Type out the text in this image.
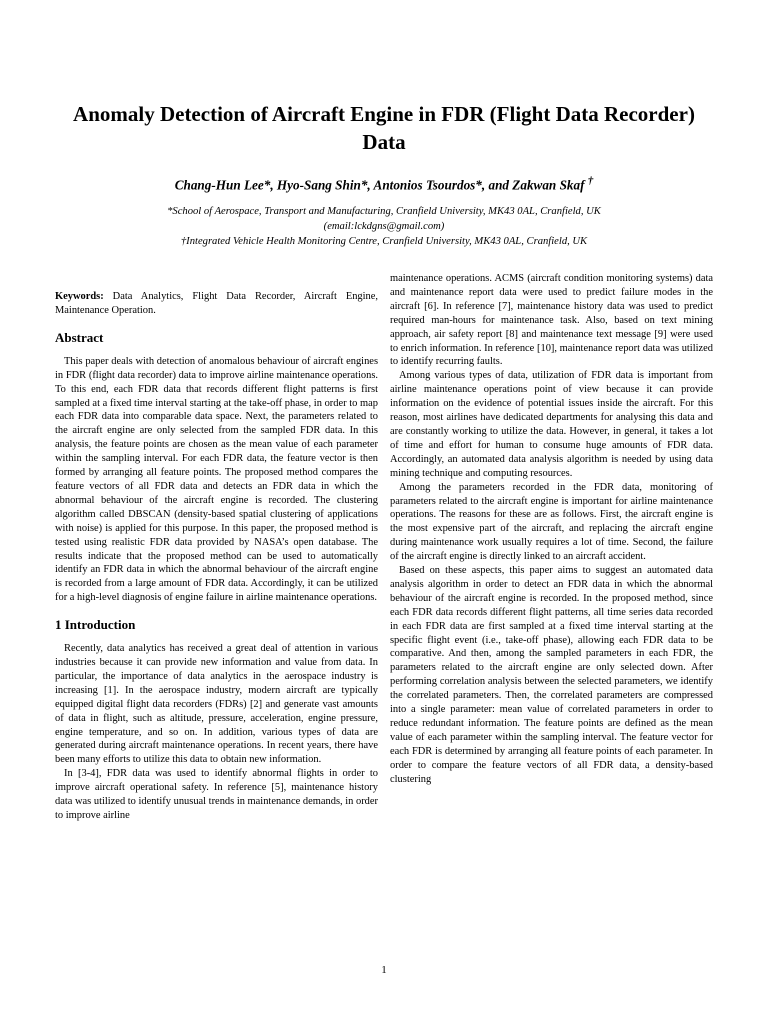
Anomaly Detection of Aircraft Engine in FDR (Flight Data Recorder) Data
Chang-Hun Lee*, Hyo-Sang Shin*, Antonios Tsourdos*, and Zakwan Skaf †
*School of Aerospace, Transport and Manufacturing, Cranfield University, MK43 0AL, Cranfield, UK
(email:lckdgns@gmail.com)
†Integrated Vehicle Health Monitoring Centre, Cranfield University, MK43 0AL, Cranfield, UK

Keywords: Data Analytics, Flight Data Recorder, Aircraft Engine, Maintenance Operation.

Abstract

This paper deals with detection of anomalous behaviour of aircraft engines in FDR (flight data recorder) data to improve airline maintenance operations. To this end, each FDR data that records different flight patterns is first sampled at a fixed time interval starting at the take-off phase, in order to map each FDR data into comparable data space. Next, the parameters related to the aircraft engine are only selected from the sampled FDR data. In this analysis, the feature points are chosen as the mean value of each parameter within the sampling interval. For each FDR data, the feature vector is then formed by arranging all feature points. The proposed method compares the feature vectors of all FDR data and detects an FDR data in which the abnormal behaviour of the aircraft engine is recorded. The clustering algorithm called DBSCAN (density-based spatial clustering of applications with noise) is applied for this purpose. In this paper, the proposed method is tested using realistic FDR data provided by NASA’s open database. The results indicate that the proposed method can be used to automatically identify an FDR data in which the abnormal behaviour of the aircraft engine is recorded from a large amount of FDR data. Accordingly, it can be utilized for a high-level diagnosis of engine failure in airline maintenance operations.

1 Introduction

Recently, data analytics has received a great deal of attention in various industries because it can provide new information and value from data. In particular, the importance of data analytics in the aerospace industry is increasing [1]. In the aerospace industry, modern aircraft are typically equipped digital flight data recorders (FDRs) [2] and generate vast amounts of data in flight, such as altitude, pressure, acceleration, engine pressure, engine temperature, and so on. In addition, various types of data are generated during aircraft maintenance operations. In recent years, there have been many efforts to utilize this data to obtain new information.

In [3-4], FDR data was used to identify abnormal flights in order to improve aircraft operational safety. In reference [5], maintenance history data was utilized to identify unusual trends in maintenance demands, in order to improve airline

maintenance operations. ACMS (aircraft condition monitoring systems) data and maintenance report data were used to predict failure modes in the aircraft [6]. In reference [7], maintenance history data was used to predict required man-hours for maintenance task. Also, based on text mining approach, air safety report [8] and maintenance text message [9] were used to enrich information. In reference [10], maintenance report data was utilized to identify recurring faults.

Among various types of data, utilization of FDR data is important from airline maintenance operations point of view because it can provide information on the evidence of potential issues inside the aircraft. For this reason, most airlines have dedicated departments for analysing this data and are constantly working to utilize the data. However, in general, it takes a lot of time and effort for human to consume huge amounts of FDR data. Accordingly, an automated data analysis algorithm is needed by using data mining technique and computing resources.

Among the parameters recorded in the FDR data, monitoring of parameters related to the aircraft engine is important for airline maintenance operations. The reasons for these are as follows. First, the aircraft engine is the most expensive part of the aircraft, and replacing the aircraft engine during maintenance work usually requires a lot of time. Second, the failure of the aircraft engine is directly linked to an aircraft accident.

Based on these aspects, this paper aims to suggest an automated data analysis algorithm in order to detect an FDR data in which the abnormal behaviour of the aircraft engine is recorded. In the proposed method, since each FDR data records different flight patterns, all time series data recorded in each FDR data are first sampled at a fixed time interval starting at the specific flight event (i.e., take-off phase), allowing each FDR data to be comparative. And then, among the sampled parameters in each FDR, the parameters related to the aircraft engine are only selected down. After performing correlation analysis between the selected parameters, we identify the correlated parameters. Then, the correlated parameters are compressed into a single parameter: mean value of correlated parameters in order to reduce redundant information. The feature points are defined as the mean value of each parameter within the sampling interval. The feature vector for each FDR is determined by arranging all feature points of each parameter. In order to compare the feature vectors of all FDR data, a density-based clustering

1
